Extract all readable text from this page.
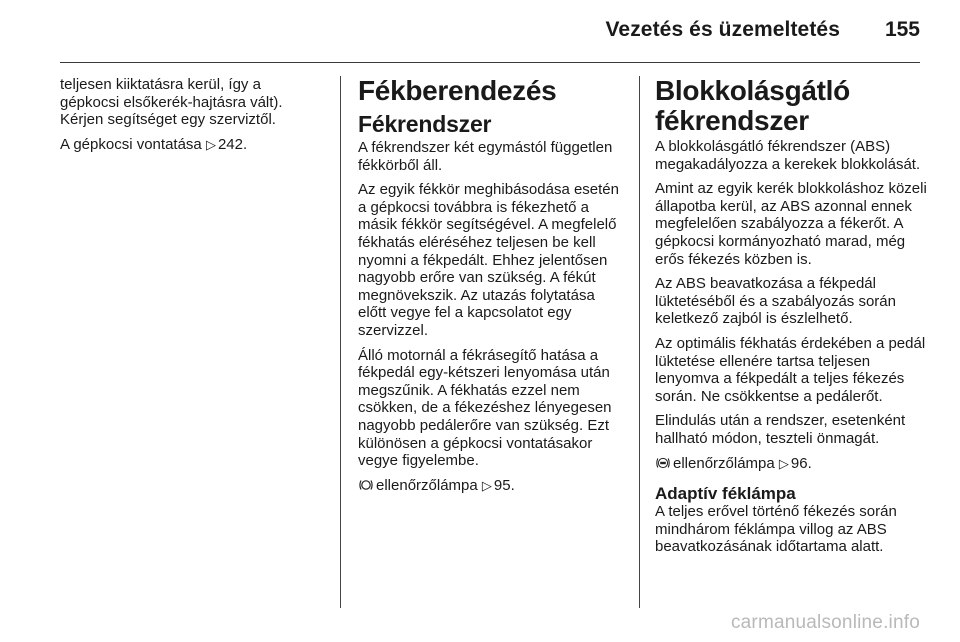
Vezetés és üzemeltetés 155

teljesen kiiktatásra kerül, így a gépkocsi elsőkerék-hajtásra vált). Kérjen segítséget egy szerviztől.

A gépkocsi vontatása ▷ 242.

Fékberendezés
Fékrendszer

A fékrendszer két egymástól független fékkörből áll.

Az egyik fékkör meghibásodása esetén a gépkocsi továbbra is fékezhető a másik fékkör segítségével. A megfelelő fékhatás eléréséhez teljesen be kell nyomni a fékpedált. Ehhez jelentősen nagyobb erőre van szükség. A fékút megnövekszik. Az utazás folytatása előtt vegye fel a kapcsolatot egy szervizzel.

Álló motornál a fékrásegítő hatása a fékpedál egy-kétszeri lenyomása után megszűnik. A fékhatás ezzel nem csökken, de a fékezéshez lényegesen nagyobb pedálerőre van szükség. Ezt különösen a gépkocsi vontatásakor vegye figyelembe.

ellenőrzőlámpa ▷ 95.

Blokkolásgátló
fékrendszer

A blokkolásgátló fékrendszer (ABS) megakadályozza a kerekek blokkolását.

Amint az egyik kerék blokkoláshoz közeli állapotba kerül, az ABS azonnal ennek megfelelően szabályozza a fékerőt. A gépkocsi kormányozható marad, még erős fékezés közben is.

Az ABS beavatkozása a fékpedál lüktetéséből és a szabályozás során keletkező zajból is észlelhető.

Az optimális fékhatás érdekében a pedál lüktetése ellenére tartsa teljesen lenyomva a fékpedált a teljes fékezés során. Ne csökkentse a pedálerőt.

Elindulás után a rendszer, esetenként hallható módon, teszteli önmagát.

ellenőrzőlámpa ▷ 96.

Adaptív féklámpa

A teljes erővel történő fékezés során mindhárom féklámpa villog az ABS beavatkozásának időtartama alatt.

carmanualsonline.info
